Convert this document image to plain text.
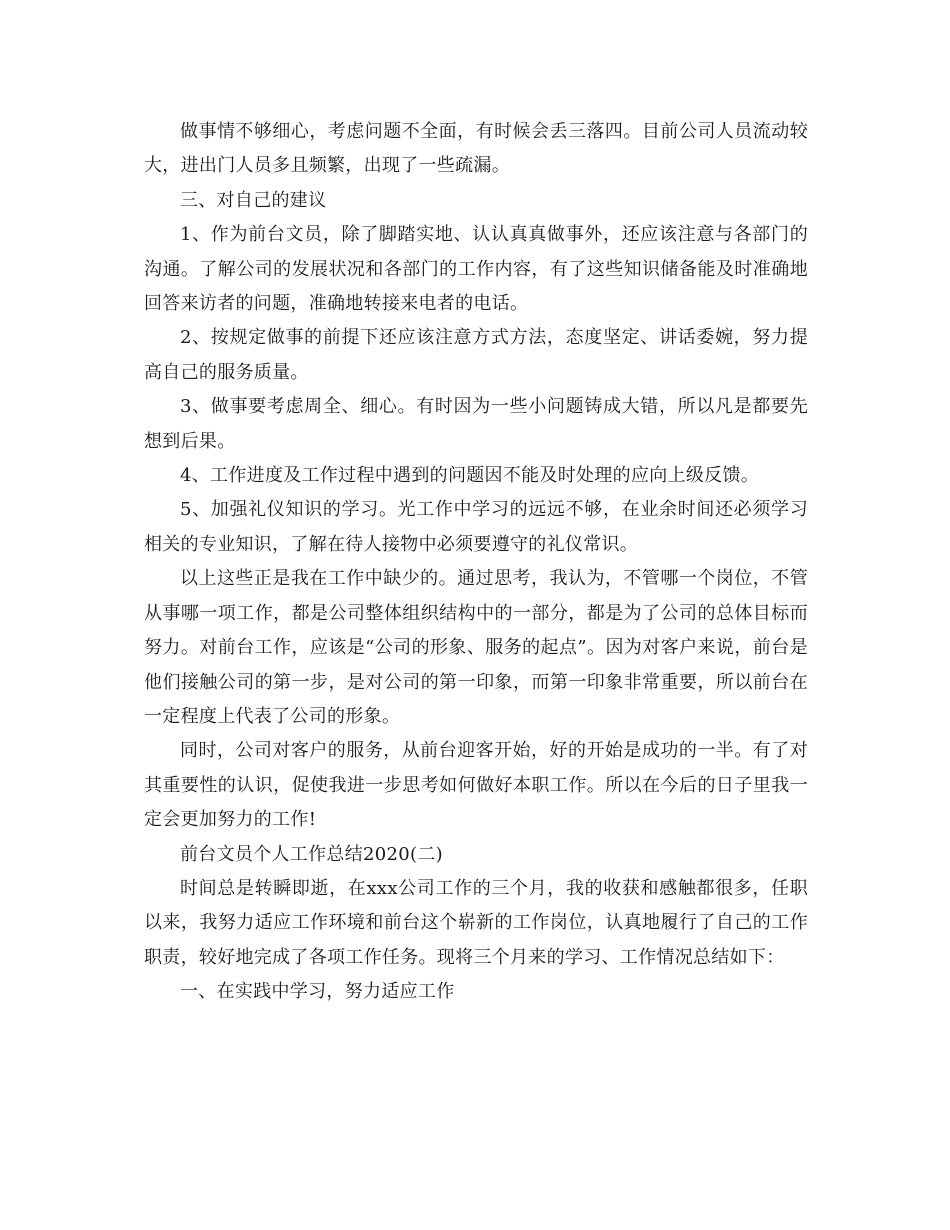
做事情不够细心，考虑问题不全面，有时候会丢三落四。目前公司人员流动较大，进出门人员多且频繁，出现了一些疏漏。

三、对自己的建议

1、作为前台文员，除了脚踏实地、认认真真做事外，还应该注意与各部门的沟通。了解公司的发展状况和各部门的工作内容，有了这些知识储备能及时准确地回答来访者的问题，准确地转接来电者的电话。

2、按规定做事的前提下还应该注意方式方法，态度坚定、讲话委婉，努力提高自己的服务质量。

3、做事要考虑周全、细心。有时因为一些小问题铸成大错，所以凡是都要先想到后果。

4、工作进度及工作过程中遇到的问题因不能及时处理的应向上级反馈。

5、加强礼仪知识的学习。光工作中学习的远远不够，在业余时间还必须学习相关的专业知识，了解在待人接物中必须要遵守的礼仪常识。

以上这些正是我在工作中缺少的。通过思考，我认为，不管哪一个岗位，不管从事哪一项工作，都是公司整体组织结构中的一部分，都是为了公司的总体目标而努力。对前台工作，应该是“公司的形象、服务的起点”。因为对客户来说，前台是他们接触公司的第一步，是对公司的第一印象，而第一印象非常重要，所以前台在一定程度上代表了公司的形象。

同时，公司对客户的服务，从前台迎客开始，好的开始是成功的一半。有了对其重要性的认识，促使我进一步思考如何做好本职工作。所以在今后的日子里我一定会更加努力的工作!

前台文员个人工作总结2020(二)

时间总是转瞬即逝，在xxx公司工作的三个月，我的收获和感触都很多，任职以来，我努力适应工作环境和前台这个崭新的工作岗位，认真地履行了自己的工作职责，较好地完成了各项工作任务。现将三个月来的学习、工作情况总结如下：

一、在实践中学习，努力适应工作
